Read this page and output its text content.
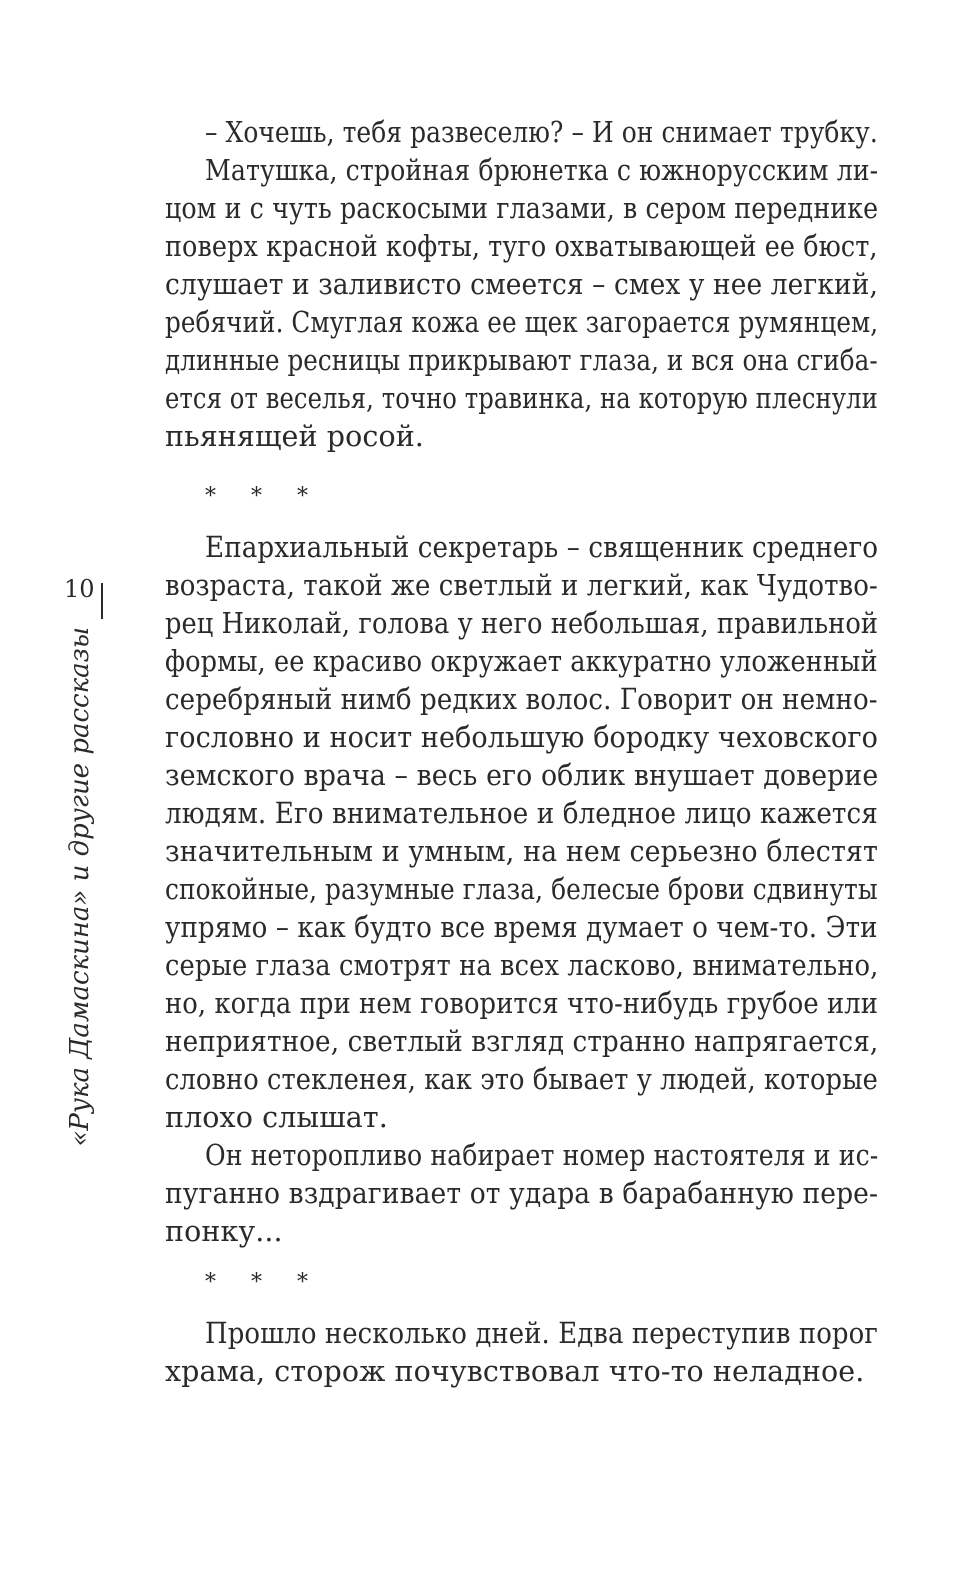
10
«Рука Дамаскина» и другие рассказы
– Хочешь, тебя развеселю? – И он снимает трубку.
Матушка, стройная брюнетка с южнорусским ли-
цом и с чуть раскосыми глазами, в сером переднике
поверх красной кофты, туго охватывающей ее бюст,
слушает и заливисто смеется – смех у нее легкий,
ребячий. Смуглая кожа ее щек загорается румянцем,
длинные ресницы прикрывают глаза, и вся она сгиба-
ется от веселья, точно травинка, на которую плеснули
пьянящей росой.
* * *
Епархиальный секретарь – священник среднего
возраста, такой же светлый и легкий, как Чудотво-
рец Николай, голова у него небольшая, правильной
формы, ее красиво окружает аккуратно уложенный
серебряный нимб редких волос. Говорит он немно-
гословно и носит небольшую бородку чеховского
земского врача – весь его облик внушает доверие
людям. Его внимательное и бледное лицо кажется
значительным и умным, на нем серьезно блестят
спокойные, разумные глаза, белесые брови сдвинуты
упрямо – как будто все время думает о чем-то. Эти
серые глаза смотрят на всех ласково, внимательно,
но, когда при нем говорится что-нибудь грубое или
неприятное, светлый взгляд странно напрягается,
словно стекленея, как это бывает у людей, которые
плохо слышат.
Он неторопливо набирает номер настоятеля и ис-
пуганно вздрагивает от удара в барабанную пере-
понку...
* * *
Прошло несколько дней. Едва переступив порог
храма, сторож почувствовал что-то неладное.
